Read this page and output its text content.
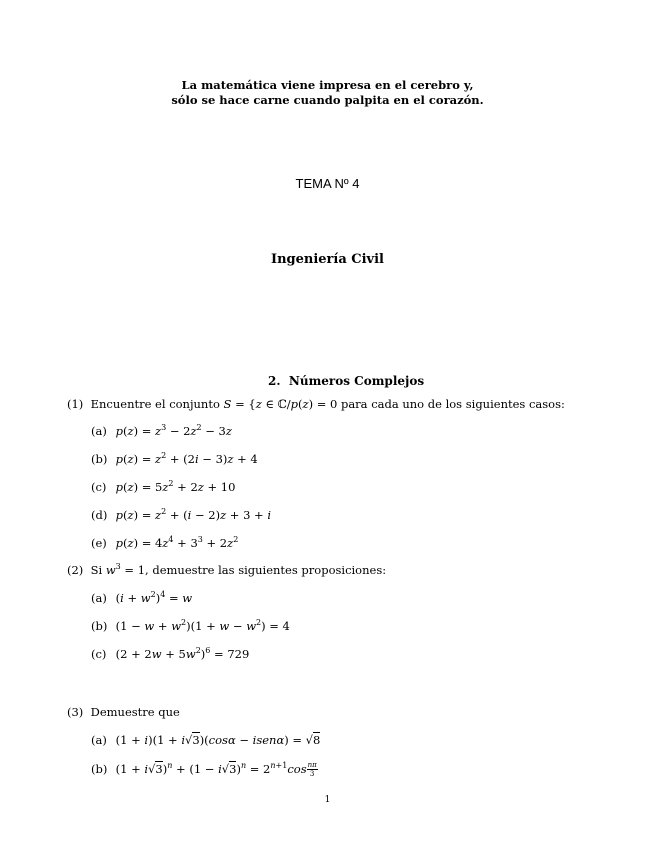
La matemática viene impresa en el cerebro y,
sólo se hace carne cuando palpita en el corazón.
TEMA Nº 4
Ingeniería Civil
2. Números Complejos
(1) Encuentre el conjunto S = {z ∈ ℂ/p(z) = 0 para cada uno de los siguientes casos:
(a) $p(z) = z^3 - 2z^2 - 3z$
(b) $p(z) = z^2 + (2i - 3)z + 4$
(c) $p(z) = 5z^2 + 2z + 10$
(d) $p(z) = z^2 + (i - 2)z + 3 + i$
(e) $p(z) = 4z^4 + 3^3 + 2z^2$
(2) Si $w^3 = 1$, demuestre las siguientes proposiciones:
(a) $(i + w^2)^4 = w$
(b) $(1 - w + w^2)(1 + w - w^2) = 4$
(c) $(2 + 2w + 5w^2)^6 = 729$
(3) Demuestre que
(a) (1 + i)(1 + i√3)(cosα − isenα) = √8
(b) $(1 + i√3)^n + (1 - i√3)^n = 2^{n+1}\cos \frac{n\pi}{3}$
1
